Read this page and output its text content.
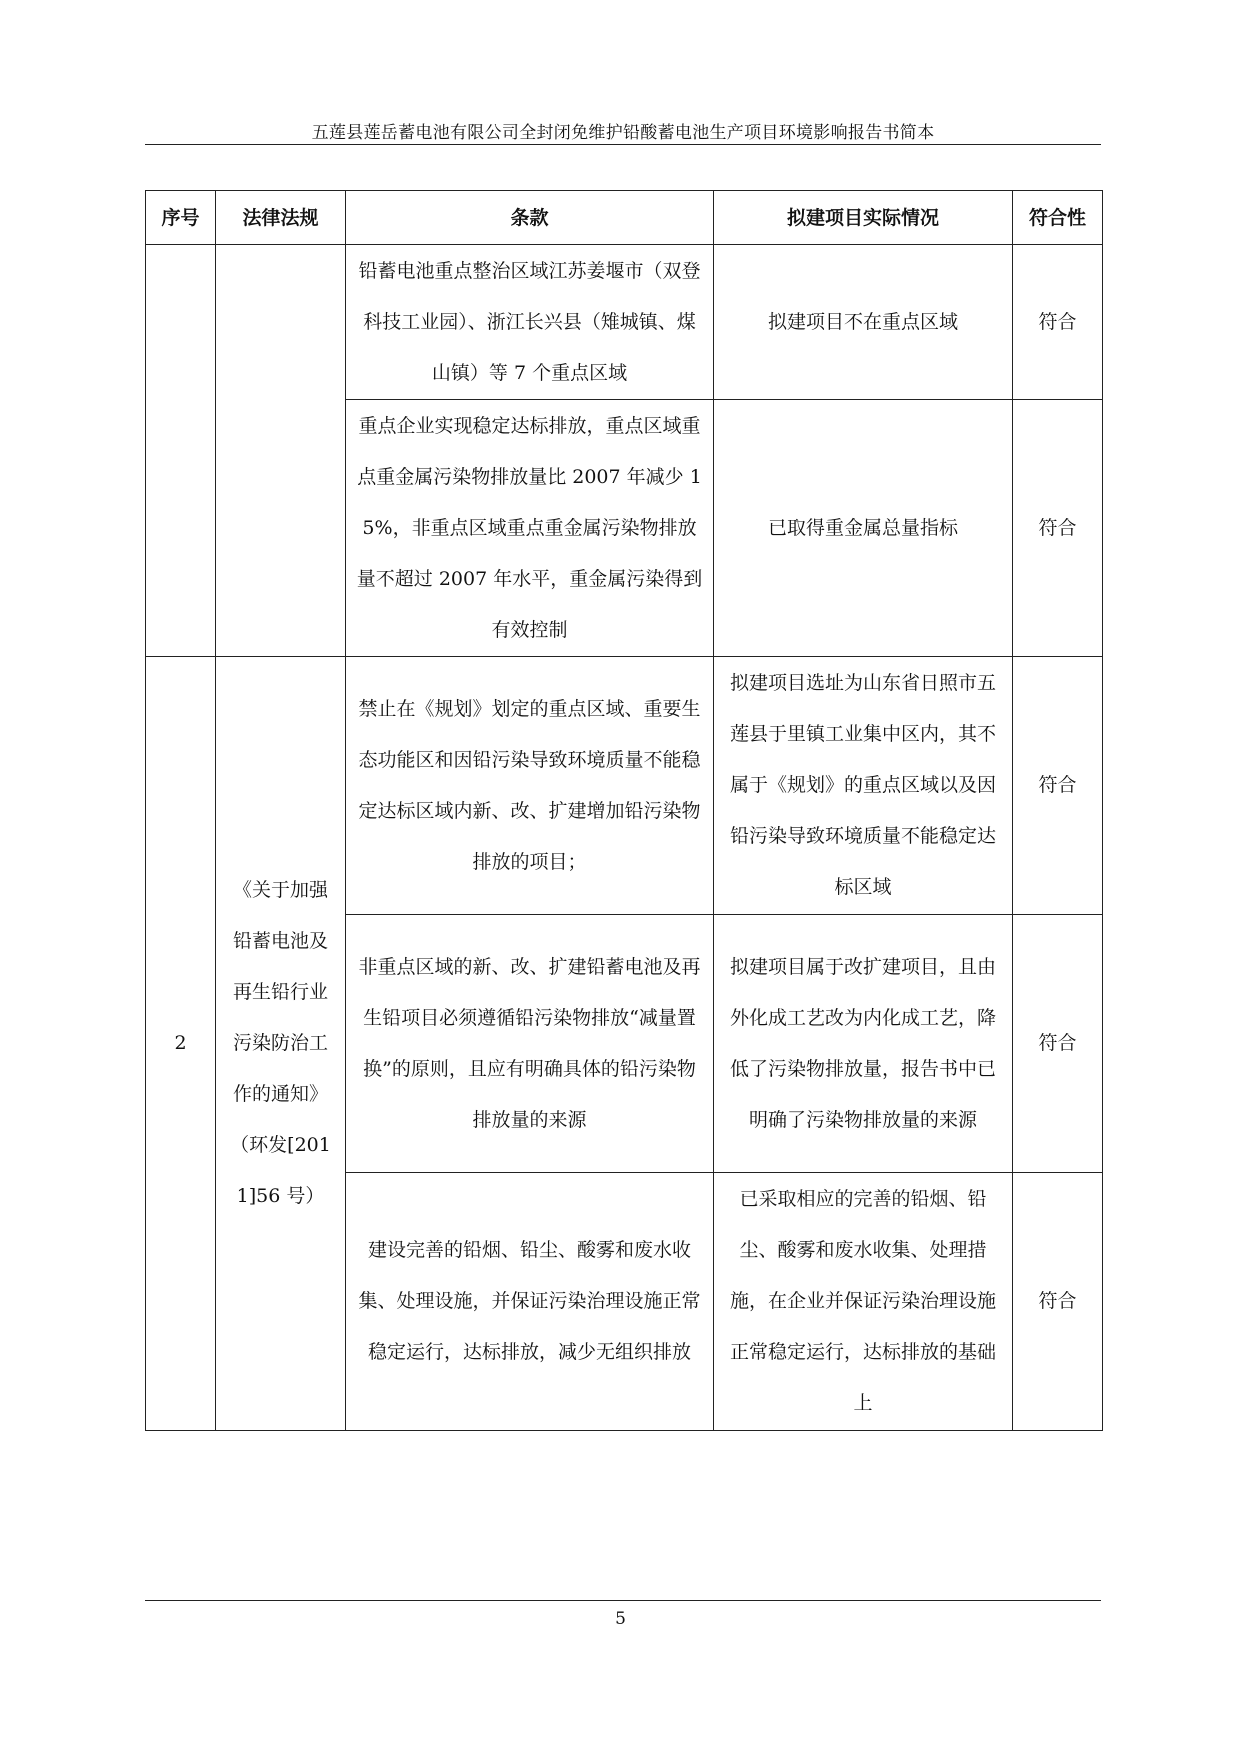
五莲县莲岳蓄电池有限公司全封闭免维护铅酸蓄电池生产项目环境影响报告书简本
序号	法律法规	条款	拟建项目实际情况	符合性
		铅蓄电池重点整治区域江苏姜堰市（双登科技工业园）、浙江长兴县（雉城镇、煤山镇）等 7 个重点区域	拟建项目不在重点区域	符合
		重点企业实现稳定达标排放，重点区域重点重金属污染物排放量比 2007 年减少 15%，非重点区域重点重金属污染物排放量不超过 2007 年水平，重金属污染得到有效控制	已取得重金属总量指标	符合
2	《关于加强铅蓄电池及再生铅行业污染防治工作的通知》（环发[2011]56 号）	禁止在《规划》划定的重点区域、重要生态功能区和因铅污染导致环境质量不能稳定达标区域内新、改、扩建增加铅污染物排放的项目；	拟建项目选址为山东省日照市五莲县于里镇工业集中区内，其不属于《规划》的重点区域以及因铅污染导致环境质量不能稳定达标区域	符合
		非重点区域的新、改、扩建铅蓄电池及再生铅项目必须遵循铅污染物排放“减量置换”的原则，且应有明确具体的铅污染物排放量的来源	拟建项目属于改扩建项目，且由外化成工艺改为内化成工艺，降低了污染物排放量，报告书中已明确了污染物排放量的来源	符合
		建设完善的铅烟、铅尘、酸雾和废水收集、处理设施，并保证污染治理设施正常稳定运行，达标排放，减少无组织排放	已采取相应的完善的铅烟、铅尘、酸雾和废水收集、处理措施，在企业并保证污染治理设施正常稳定运行，达标排放的基础上	符合
5
